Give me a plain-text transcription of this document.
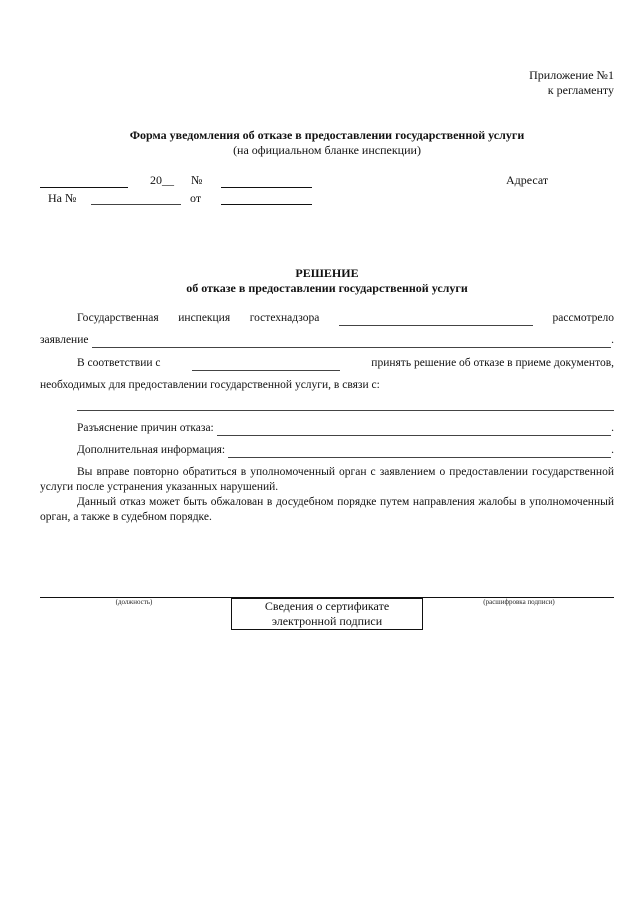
Приложение №1
к регламенту
Форма уведомления об отказе в предоставлении государственной услуги
(на официальном бланке инспекции)
20__ №	Адресат
На №	от
РЕШЕНИЕ
об отказе в предоставлении государственной услуги
Государственная инспекция гостехнадзора	рассмотрело
заявление	.
В соответствии с	принять решение об отказе в приеме документов,
необходимых для предоставлении государственной услуги, в связи с:
Разъяснение причин отказа:	.
Дополнительная информация:	.
Вы вправе повторно обратиться в уполномоченный орган с заявлением о предоставлении государственной услуги после устранения указанных нарушений.
Данный отказ может быть обжалован в досудебном порядке путем направления жалобы в уполномоченный орган, а также в судебном порядке.
(должность)	Сведения о сертификате
электронной подписи
(расшифровка подписи)
